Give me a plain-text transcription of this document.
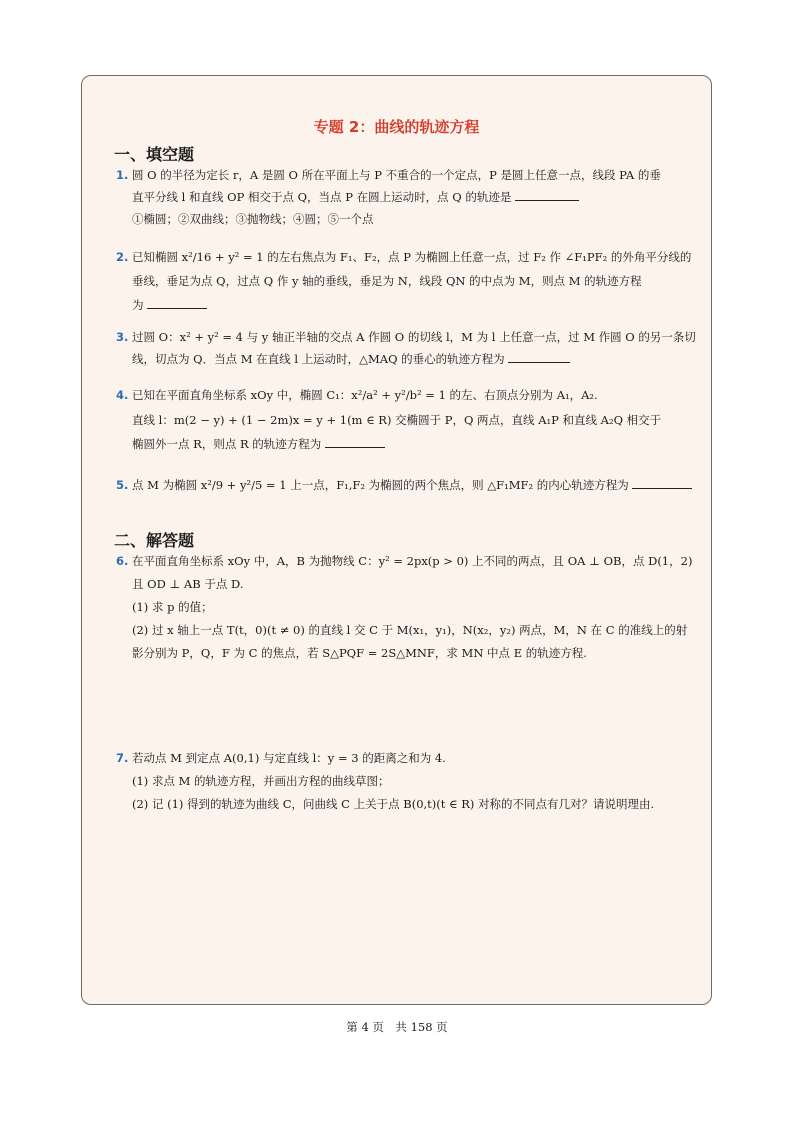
专题 2：曲线的轨迹方程
一、填空题
1. 圆 O 的半径为定长 r，A 是圆 O 所在平面上与 P 不重合的一个定点，P 是圆上任意一点，线段 PA 的垂
直平分线 l 和直线 OP 相交于点 Q，当点 P 在圆上运动时，点 Q 的轨迹是
①椭圆；②双曲线；③抛物线；④圆；⑤一个点
2. 已知椭圆 x²/16 + y² = 1 的左右焦点为 F₁、F₂，点 P 为椭圆上任意一点，过 F₂ 作 ∠F₁PF₂ 的外角平分线的
垂线，垂足为点 Q，过点 Q 作 y 轴的垂线，垂足为 N，线段 QN 的中点为 M，则点 M 的轨迹方程
为
3. 过圆 O：x² + y² = 4 与 y 轴正半轴的交点 A 作圆 O 的切线 l，M 为 l 上任意一点，过 M 作圆 O 的另一条切
线，切点为 Q．当点 M 在直线 l 上运动时，△MAQ 的垂心的轨迹方程为
4. 已知在平面直角坐标系 xOy 中，椭圆 C₁：x²/a² + y²/b² = 1 的左、右顶点分别为 A₁，A₂.
直线 l：m(2 − y) + (1 − 2m)x = y + 1(m ∈ R) 交椭圆于 P，Q 两点，直线 A₁P 和直线 A₂Q 相交于
椭圆外一点 R，则点 R 的轨迹方程为
5. 点 M 为椭圆 x²/9 + y²/5 = 1 上一点，F₁,F₂ 为椭圆的两个焦点，则 △F₁MF₂ 的内心轨迹方程为
二、解答题
6. 在平面直角坐标系 xOy 中，A，B 为抛物线 C：y² = 2px(p > 0) 上不同的两点，且 OA ⊥ OB，点 D(1，2)
且 OD ⊥ AB 于点 D.
(1) 求 p 的值；
(2) 过 x 轴上一点 T(t，0)(t ≠ 0) 的直线 l 交 C 于 M(x₁，y₁)，N(x₂，y₂) 两点，M，N 在 C 的准线上的射
影分别为 P，Q，F 为 C 的焦点，若 S△PQF = 2S△MNF，求 MN 中点 E 的轨迹方程.
7. 若动点 M 到定点 A(0,1) 与定直线 l：y = 3 的距离之和为 4.
(1) 求点 M 的轨迹方程，并画出方程的曲线草图；
(2) 记 (1) 得到的轨迹为曲线 C，问曲线 C 上关于点 B(0,t)(t ∈ R) 对称的不同点有几对？请说明理由.
第 4 页　共 158 页
